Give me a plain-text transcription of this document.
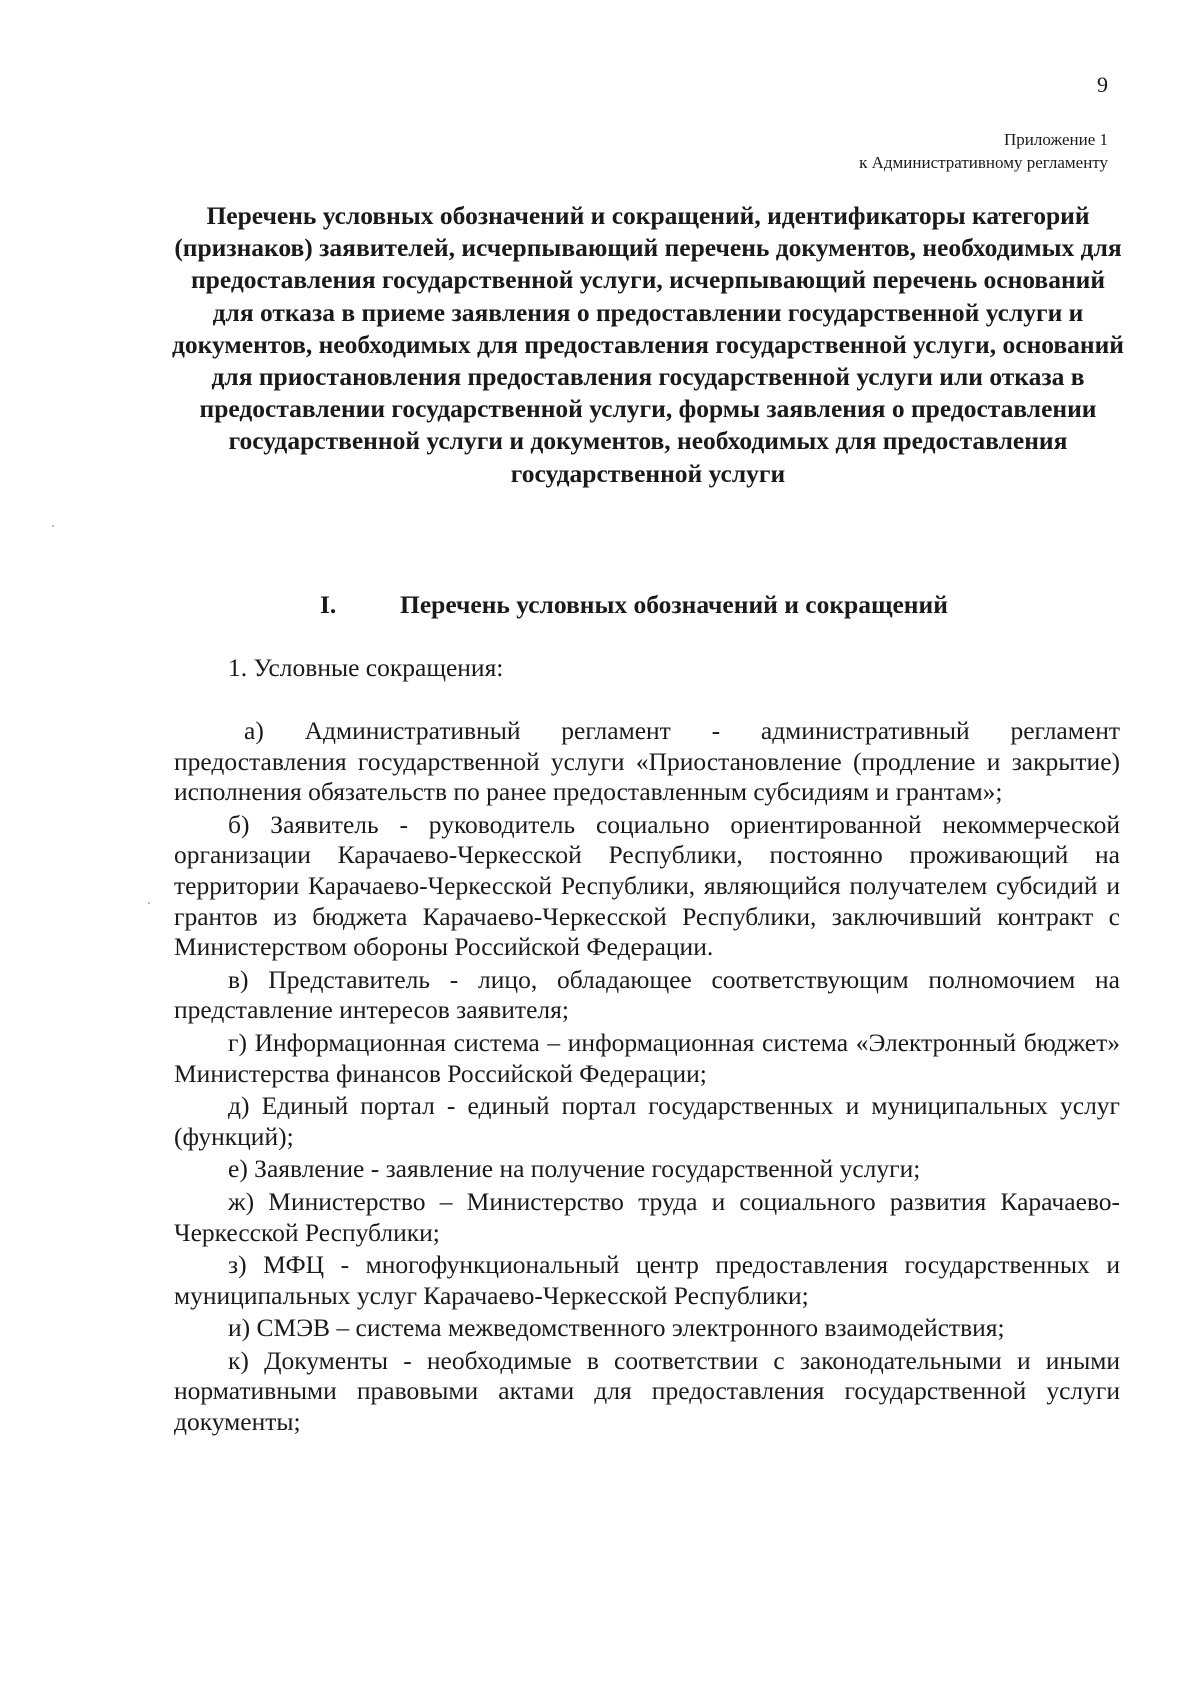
9
Приложение 1
к Административному регламенту
Перечень условных обозначений и сокращений, идентификаторы категорий (признаков) заявителей, исчерпывающий перечень документов, необходимых для предоставления государственной услуги, исчерпывающий перечень оснований для отказа в приеме заявления о предоставлении государственной услуги и документов, необходимых для предоставления государственной услуги, оснований для приостановления предоставления государственной услуги или отказа в предоставлении государственной услуги, формы заявления о предоставлении государственной услуги и документов, необходимых для предоставления государственной услуги
I. Перечень условных обозначений и сокращений
1. Условные сокращения:

а) Административный регламент - административный регламент предоставления государственной услуги «Приостановление (продление и закрытие) исполнения обязательств по ранее предоставленным субсидиям и грантам»;

б) Заявитель - руководитель социально ориентированной некоммерческой организации Карачаево-Черкесской Республики, постоянно проживающий на территории Карачаево-Черкесской Республики, являющийся получателем субсидий и грантов из бюджета Карачаево-Черкесской Республики, заключивший контракт с Министерством обороны Российской Федерации.

в) Представитель - лицо, обладающее соответствующим полномочием на представление интересов заявителя;

г) Информационная система – информационная система «Электронный бюджет» Министерства финансов Российской Федерации;

д) Единый портал - единый портал государственных и муниципальных услуг (функций);

е) Заявление - заявление на получение государственной услуги;

ж) Министерство – Министерство труда и социального развития Карачаево-Черкесской Республики;

з) МФЦ - многофункциональный центр предоставления государственных и муниципальных услуг Карачаево-Черкесской Республики;

и) СМЭВ – система межведомственного электронного взаимодействия;

к) Документы - необходимые в соответствии с законодательными и иными нормативными правовыми актами для предоставления государственной услуги документы;
